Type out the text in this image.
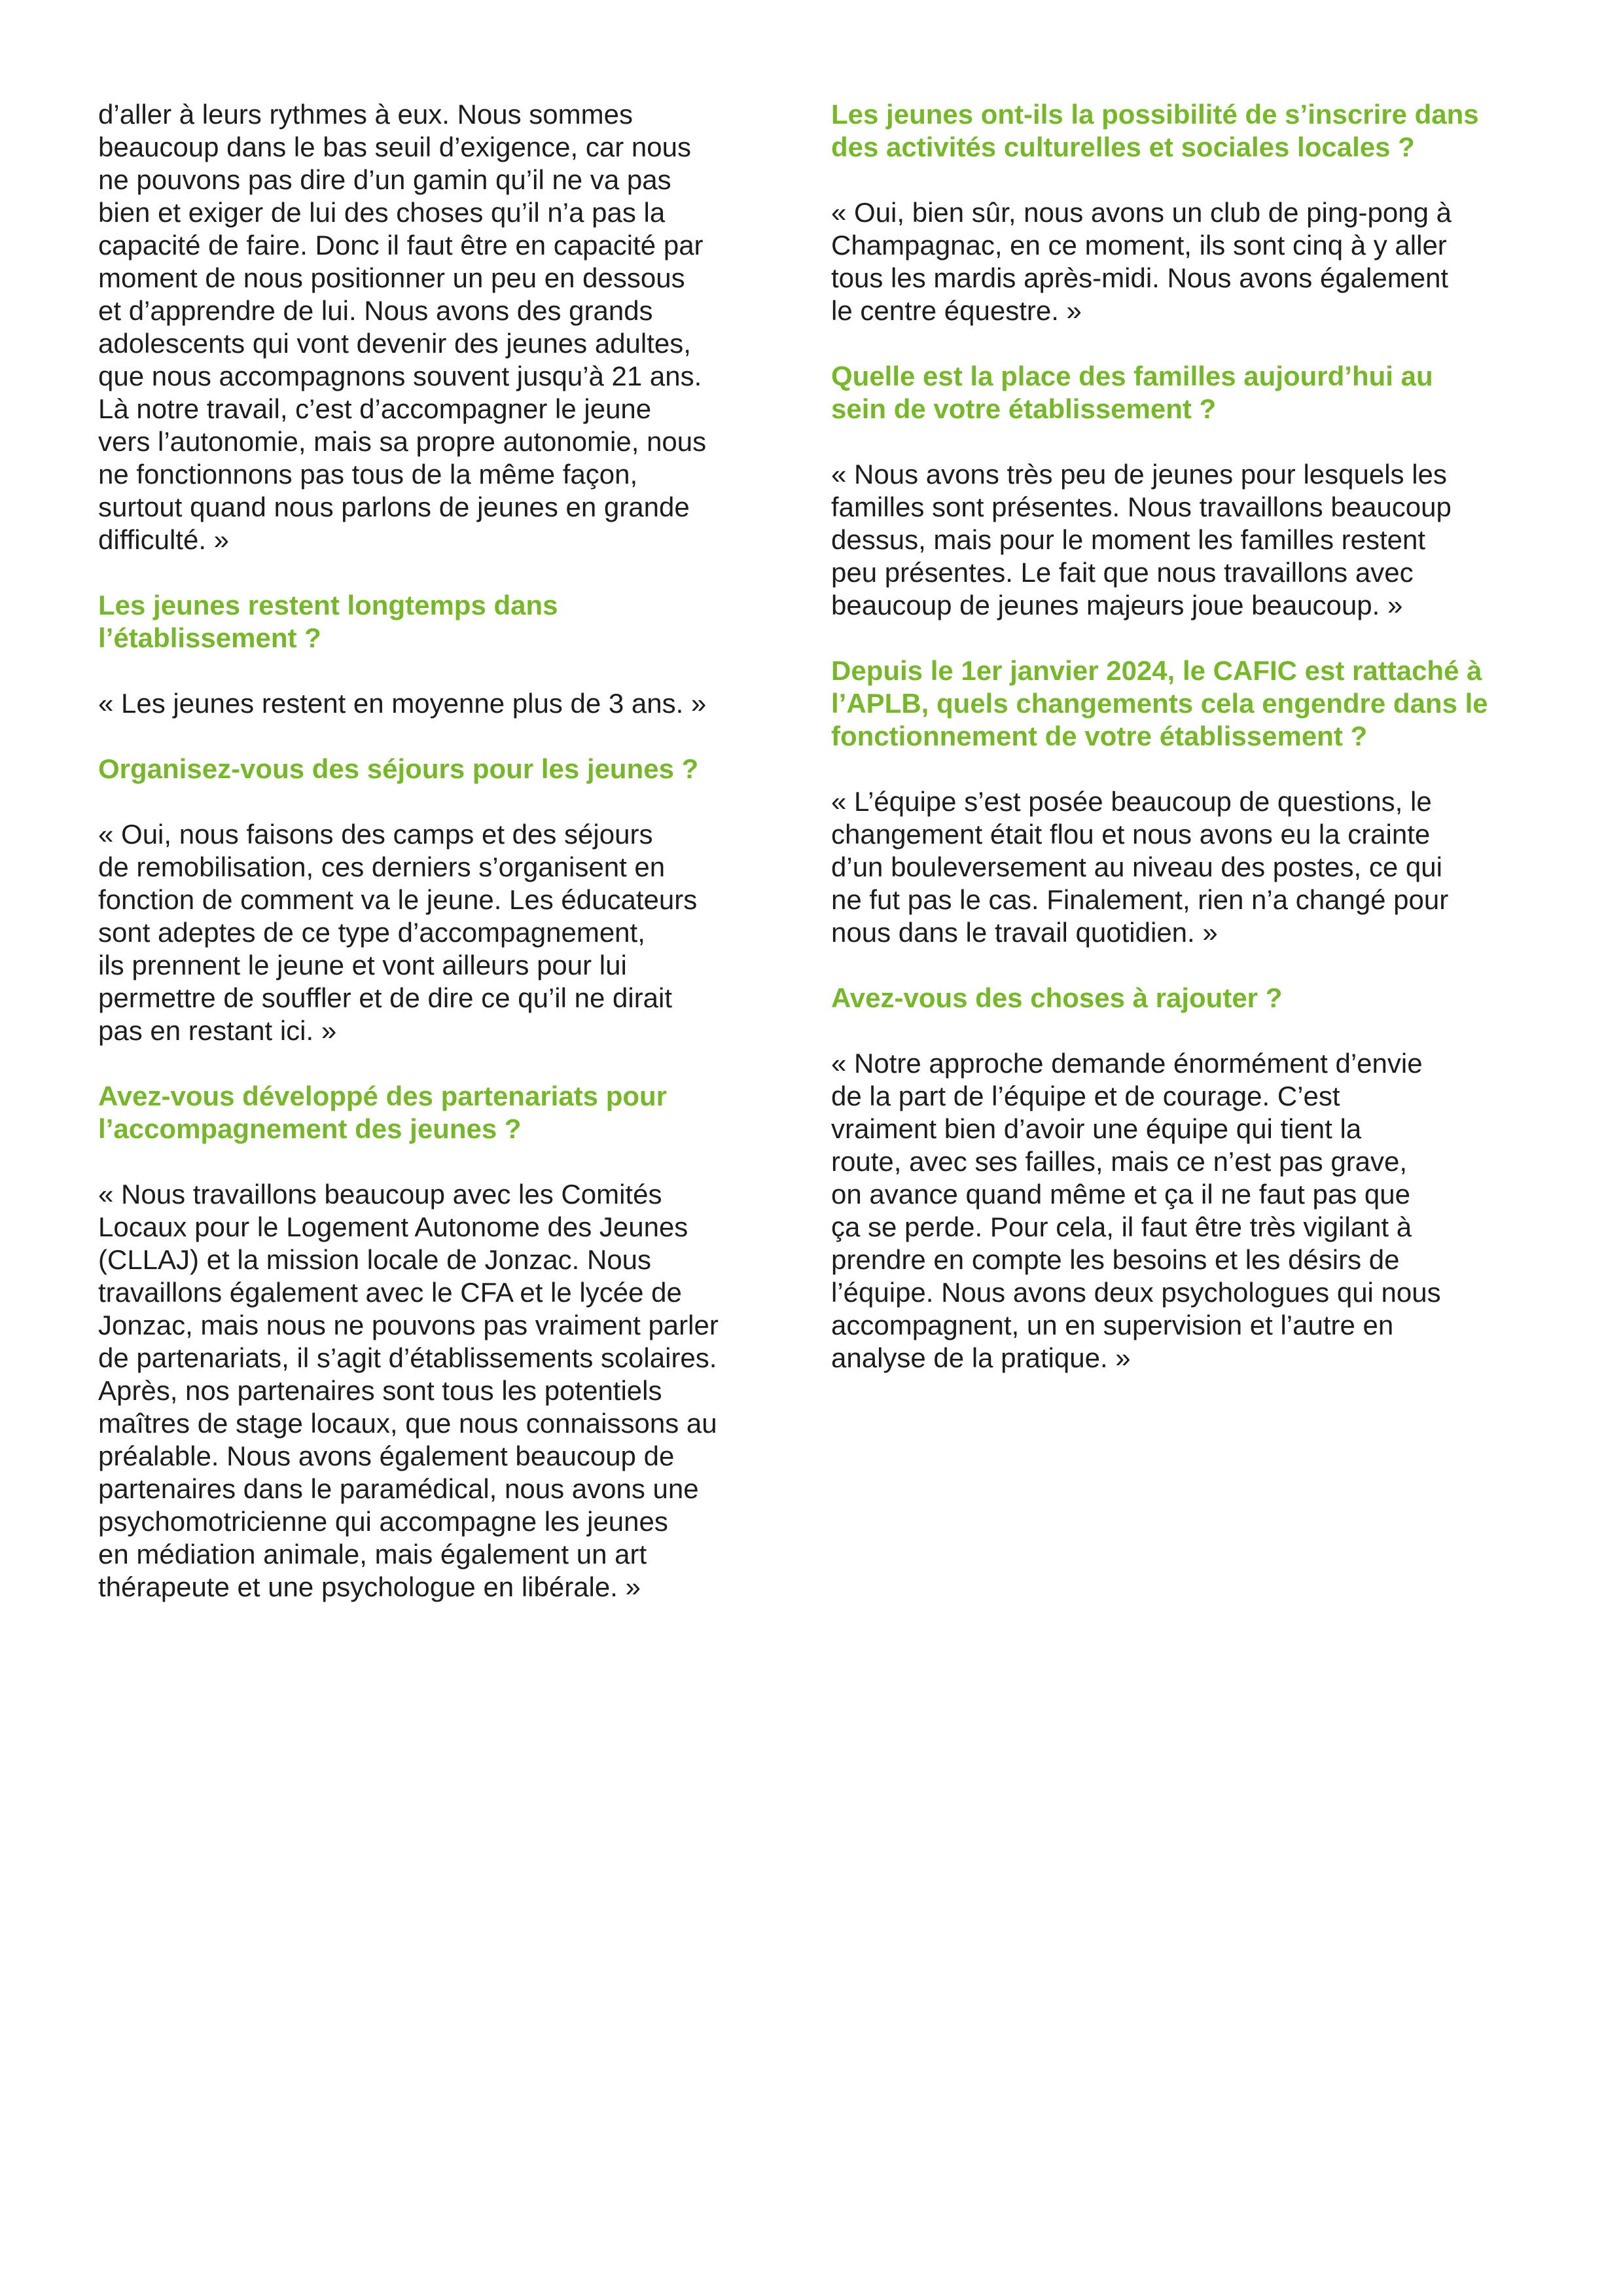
d’aller à leurs rythmes à eux. Nous sommes
beaucoup dans le bas seuil d’exigence, car nous
ne pouvons pas dire d’un gamin qu’il ne va pas
bien et exiger de lui des choses qu’il n’a pas la
capacité de faire. Donc il faut être en capacité par
moment de nous positionner un peu en dessous
et d’apprendre de lui. Nous avons des grands
adolescents qui vont devenir des jeunes adultes,
que nous accompagnons souvent jusqu’à 21 ans.
Là notre travail, c’est d’accompagner le jeune
vers l’autonomie, mais sa propre autonomie, nous
ne fonctionnons pas tous de la même façon,
surtout quand nous parlons de jeunes en grande
difficulté. »

Les jeunes restent longtemps dans
l’établissement ?

« Les jeunes restent en moyenne plus de 3 ans. »

Organisez-vous des séjours pour les jeunes ?

« Oui, nous faisons des camps et des séjours
de remobilisation, ces derniers s’organisent en
fonction de comment va le jeune. Les éducateurs
sont adeptes de ce type d’accompagnement,
ils prennent le jeune et vont ailleurs pour lui
permettre de souffler et de dire ce qu’il ne dirait
pas en restant ici. »

Avez-vous développé des partenariats pour
l’accompagnement des jeunes ?

« Nous travaillons beaucoup avec les Comités
Locaux pour le Logement Autonome des Jeunes
(CLLAJ) et la mission locale de Jonzac. Nous
travaillons également avec le CFA et le lycée de
Jonzac, mais nous ne pouvons pas vraiment parler
de partenariats, il s’agit d’établissements scolaires.
Après, nos partenaires sont tous les potentiels
maîtres de stage locaux, que nous connaissons au
préalable. Nous avons également beaucoup de
partenaires dans le paramédical, nous avons une
psychomotricienne qui accompagne les jeunes
en médiation animale, mais également un art
thérapeute et une psychologue en libérale. »

Les jeunes ont-ils la possibilité de s’inscrire dans
des activités culturelles et sociales locales ?

« Oui, bien sûr, nous avons un club de ping-pong à
Champagnac, en ce moment, ils sont cinq à y aller
tous les mardis après-midi. Nous avons également
le centre équestre. »

Quelle est la place des familles aujourd’hui au
sein de votre établissement ?

« Nous avons très peu de jeunes pour lesquels les
familles sont présentes. Nous travaillons beaucoup
dessus, mais pour le moment les familles restent
peu présentes. Le fait que nous travaillons avec
beaucoup de jeunes majeurs joue beaucoup. »

Depuis le 1er janvier 2024, le CAFIC est rattaché à
l’APLB, quels changements cela engendre dans le
fonctionnement de votre établissement ?

« L’équipe s’est posée beaucoup de questions, le
changement était flou et nous avons eu la crainte
d’un bouleversement au niveau des postes, ce qui
ne fut pas le cas. Finalement, rien n’a changé pour
nous dans le travail quotidien. »

Avez-vous des choses à rajouter ?

« Notre approche demande énormément d’envie
de la part de l’équipe et de courage. C’est
vraiment bien d’avoir une équipe qui tient la
route, avec ses failles, mais ce n’est pas grave,
on avance quand même et ça il ne faut pas que
ça se perde. Pour cela, il faut être très vigilant à
prendre en compte les besoins et les désirs de
l’équipe. Nous avons deux psychologues qui nous
accompagnent, un en supervision et l’autre en
analyse de la pratique. »
